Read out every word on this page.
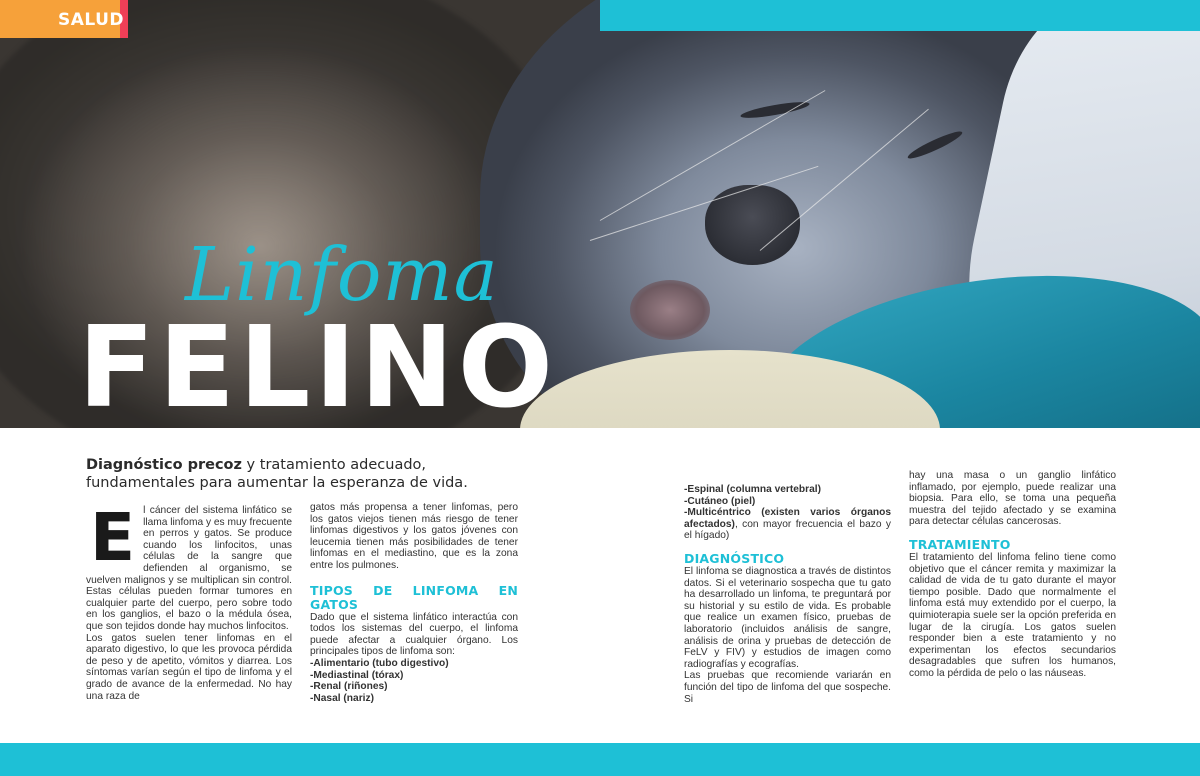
SALUD
Linfoma
FELINO

Diagnóstico precoz y tratamiento adecuado, fundamentales para aumentar la esperanza de vida.

E l cáncer del sistema linfático se llama linfoma y es muy frecuente en perros y gatos. Se produce cuando los linfocitos, unas células de la sangre que defienden al organismo, se vuelven malignos y se multiplican sin control. Estas células pueden formar tumores en cualquier parte del cuerpo, pero sobre todo en los ganglios, el bazo o la médula ósea, que son tejidos donde hay muchos linfocitos.

Los gatos suelen tener linfomas en el aparato digestivo, lo que les provoca pérdida de peso y de apetito, vómitos y diarrea. Los síntomas varían según el tipo de linfoma y el grado de avance de la enfermedad. No hay una raza de

gatos más propensa a tener linfomas, pero los gatos viejos tienen más riesgo de tener linfomas digestivos y los gatos jóvenes con leucemia tienen más posibilidades de tener linfomas en el mediastino, que es la zona entre los pulmones.

TIPOS DE LINFOMA EN GATOS

Dado que el sistema linfático interactúa con todos los sistemas del cuerpo, el linfoma puede afectar a cualquier órgano. Los principales tipos de linfoma son:

-Alimentario (tubo digestivo)

-Mediastinal (tórax)

-Renal (riñones)

-Nasal (nariz)

-Espinal (columna vertebral)

-Cutáneo (piel)

-Multicéntrico (existen varios órganos afectados), con mayor frecuencia el bazo y el hígado)

DIAGNÓSTICO

El linfoma se diagnostica a través de distintos datos. Si el veterinario sospecha que tu gato ha desarrollado un linfoma, te preguntará por su historial y su estilo de vida. Es probable que realice un examen físico, pruebas de laboratorio (incluidos análisis de sangre, análisis de orina y pruebas de detección de FeLV y FIV) y estudios de imagen como radiografías y ecografías.

Las pruebas que recomiende variarán en función del tipo de linfoma del que sospeche. Si

hay una masa o un ganglio linfático inflamado, por ejemplo, puede realizar una biopsia. Para ello, se toma una pequeña muestra del tejido afectado y se examina para detectar células cancerosas.

TRATAMIENTO

El tratamiento del linfoma felino tiene como objetivo que el cáncer remita y maximizar la calidad de vida de tu gato durante el mayor tiempo posible. Dado que normalmente el linfoma está muy extendido por el cuerpo, la quimioterapia suele ser la opción preferida en lugar de la cirugía. Los gatos suelen responder bien a este tratamiento y no experimentan los efectos secundarios desagradables que sufren los humanos, como la pérdida de pelo o las náuseas.
